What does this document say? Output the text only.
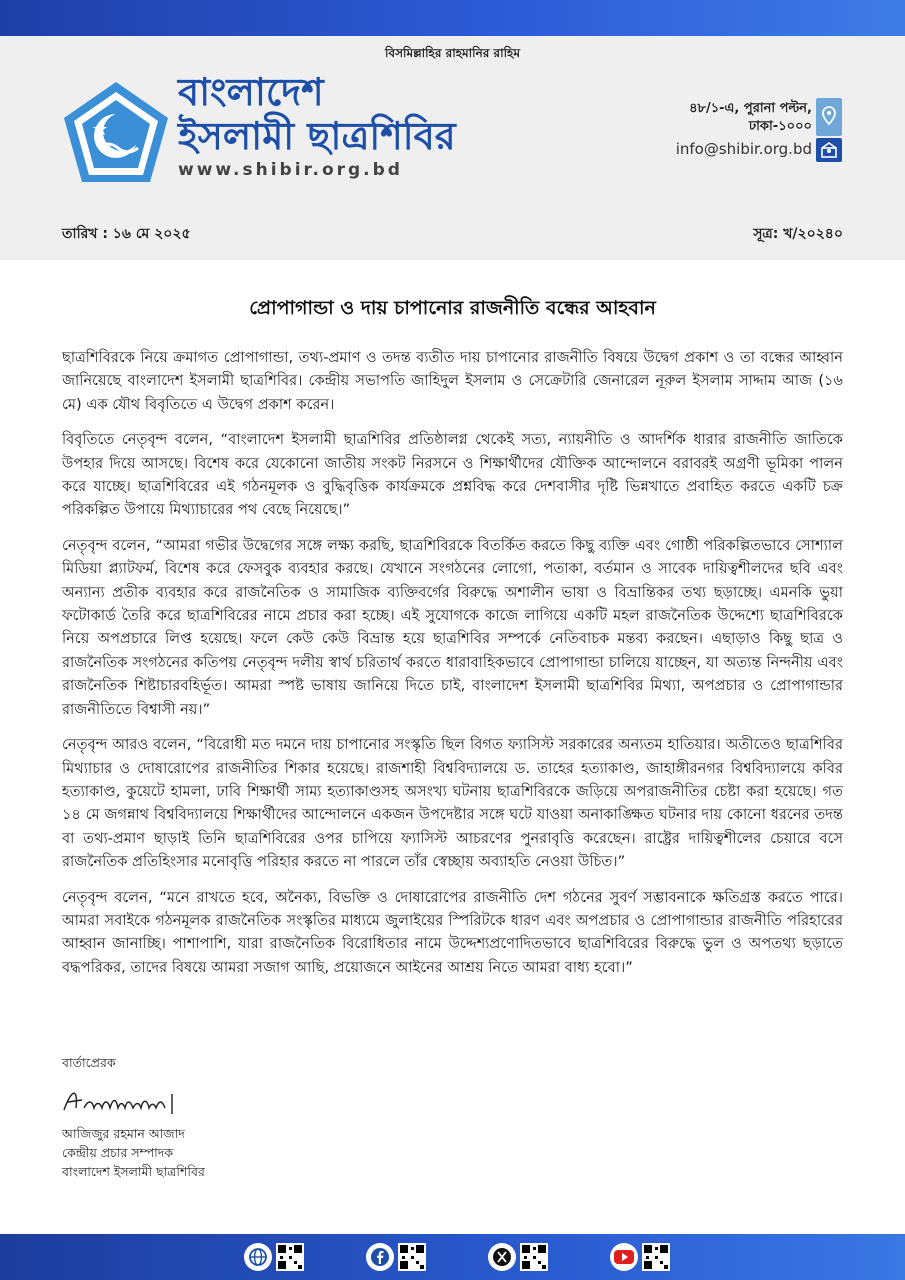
বিসমিল্লাহির রাহমানির রাহিম
বাংলাদেশ
ইসলামী ছাত্রশিবির
www.shibir.org.bd
৪৮/১-এ, পুরানা পল্টন,
ঢাকা-১০০০
info@shibir.org.bd
তারিখ : ১৬ মে ২০২৫	সূত্র: খ/২০২৪০
প্রোপাগান্ডা ও দায় চাপানোর রাজনীতি বন্ধের আহবান

ছাত্রশিবিরকে নিয়ে ক্রমাগত প্রোপাগান্ডা, তথ্য-প্রমাণ ও তদন্ত ব্যতীত দায় চাপানোর রাজনীতি বিষয়ে উদ্বেগ প্রকাশ ও তা বন্ধের আহ্বান জানিয়েছে বাংলাদেশ ইসলামী ছাত্রশিবির। কেন্দ্রীয় সভাপতি জাহিদুল ইসলাম ও সেক্রেটারি জেনারেল নূরুল ইসলাম সাদ্দাম আজ (১৬ মে) এক যৌথ বিবৃতিতে এ উদ্বেগ প্রকাশ করেন।

বিবৃতিতে নেতৃবৃন্দ বলেন, “বাংলাদেশ ইসলামী ছাত্রশিবির প্রতিষ্ঠালগ্ন থেকেই সত্য, ন্যায়নীতি ও আদর্শিক ধারার রাজনীতি জাতিকে উপহার দিয়ে আসছে। বিশেষ করে যেকোনো জাতীয় সংকট নিরসনে ও শিক্ষার্থীদের যৌক্তিক আন্দোলনে বরাবরই অগ্রণী ভূমিকা পালন করে যাচ্ছে। ছাত্রশিবিরের এই গঠনমূলক ও বুদ্ধিবৃত্তিক কার্যক্রমকে প্রশ্নবিদ্ধ করে দেশবাসীর দৃষ্টি ভিন্নখাতে প্রবাহিত করতে একটি চক্র পরিকল্পিত উপায়ে মিথ্যাচারের পথ বেছে নিয়েছে।”

নেতৃবৃন্দ বলেন, “আমরা গভীর উদ্বেগের সঙ্গে লক্ষ্য করছি, ছাত্রশিবিরকে বিতর্কিত করতে কিছু ব্যক্তি এবং গোষ্ঠী পরিকল্পিতভাবে সোশ্যাল মিডিয়া প্ল্যাটফর্ম, বিশেষ করে ফেসবুক ব্যবহার করছে। যেখানে সংগঠনের লোগো, পতাকা, বর্তমান ও সাবেক দায়িত্বশীলদের ছবি এবং অন্যান্য প্রতীক ব্যবহার করে রাজনৈতিক ও সামাজিক ব্যক্তিবর্গের বিরুদ্ধে অশালীন ভাষা ও বিভ্রান্তিকর তথ্য ছড়াচ্ছে। এমনকি ভুয়া ফটোকার্ড তৈরি করে ছাত্রশিবিরের নামে প্রচার করা হচ্ছে। এই সুযোগকে কাজে লাগিয়ে একটি মহল রাজনৈতিক উদ্দেশ্যে ছাত্রশিবিরকে নিয়ে অপপ্রচারে লিপ্ত হয়েছে। ফলে কেউ কেউ বিভ্রান্ত হয়ে ছাত্রশিবির সম্পর্কে নেতিবাচক মন্তব্য করছেন। এছাড়াও কিছু ছাত্র ও রাজনৈতিক সংগঠনের কতিপয় নেতৃবৃন্দ দলীয় স্বার্থ চরিতার্থ করতে ধারাবাহিকভাবে প্রোপাগান্ডা চালিয়ে যাচ্ছেন, যা অত্যন্ত নিন্দনীয় এবং রাজনৈতিক শিষ্টাচারবহির্ভূত। আমরা স্পষ্ট ভাষায় জানিয়ে দিতে চাই, বাংলাদেশ ইসলামী ছাত্রশিবির মিথ্যা, অপপ্রচার ও প্রোপাগান্ডার রাজনীতিতে বিশ্বাসী নয়।”

নেতৃবৃন্দ আরও বলেন, “বিরোধী মত দমনে দায় চাপানোর সংস্কৃতি ছিল বিগত ফ্যাসিস্ট সরকারের অন্যতম হাতিয়ার। অতীতেও ছাত্রশিবির মিথ্যাচার ও দোষারোপের রাজনীতির শিকার হয়েছে। রাজশাহী বিশ্ববিদ্যালয়ে ড. তাহের হত্যাকাণ্ড, জাহাঙ্গীরনগর বিশ্ববিদ্যালয়ে কবির হত্যাকাণ্ড, কুয়েটে হামলা, ঢাবি শিক্ষার্থী সাম্য হত্যাকাণ্ডসহ অসংখ্য ঘটনায় ছাত্রশিবিরকে জড়িয়ে অপরাজনীতির চেষ্টা করা হয়েছে। গত ১৪ মে জগন্নাথ বিশ্ববিদ্যালয়ে শিক্ষার্থীদের আন্দোলনে একজন উপদেষ্টার সঙ্গে ঘটে যাওয়া অনাকাঙ্ক্ষিত ঘটনার দায় কোনো ধরনের তদন্ত বা তথ্য-প্রমাণ ছাড়াই তিনি ছাত্রশিবিরের ওপর চাপিয়ে ফ্যাসিস্ট আচরণের পুনরাবৃত্তি করেছেন। রাষ্ট্রের দায়িত্বশীলের চেয়ারে বসে রাজনৈতিক প্রতিহিংসার মনোবৃত্তি পরিহার করতে না পারলে তাঁর স্বেচ্ছায় অব্যাহতি নেওয়া উচিত।”

নেতৃবৃন্দ বলেন, “মনে রাখতে হবে, অনৈক্য, বিভক্তি ও দোষারোপের রাজনীতি দেশ গঠনের সুবর্ণ সম্ভাবনাকে ক্ষতিগ্রস্ত করতে পারে। আমরা সবাইকে গঠনমূলক রাজনৈতিক সংস্কৃতির মাধ্যমে জুলাইয়ের স্পিরিটকে ধারণ এবং অপপ্রচার ও প্রোপাগান্ডার রাজনীতি পরিহারের আহ্বান জানাচ্ছি। পাশাপাশি, যারা রাজনৈতিক বিরোধিতার নামে উদ্দেশ্যপ্রণোদিতভাবে ছাত্রশিবিরের বিরুদ্ধে ভুল ও অপতথ্য ছড়াতে বদ্ধপরিকর, তাদের বিষয়ে আমরা সজাগ আছি, প্রয়োজনে আইনের আশ্রয় নিতে আমরা বাধ্য হবো।”

বার্তাপ্রেরক
আজিজুর রহমান আজাদ
কেন্দ্রীয় প্রচার সম্পাদক
বাংলাদেশ ইসলামী ছাত্রশিবির
